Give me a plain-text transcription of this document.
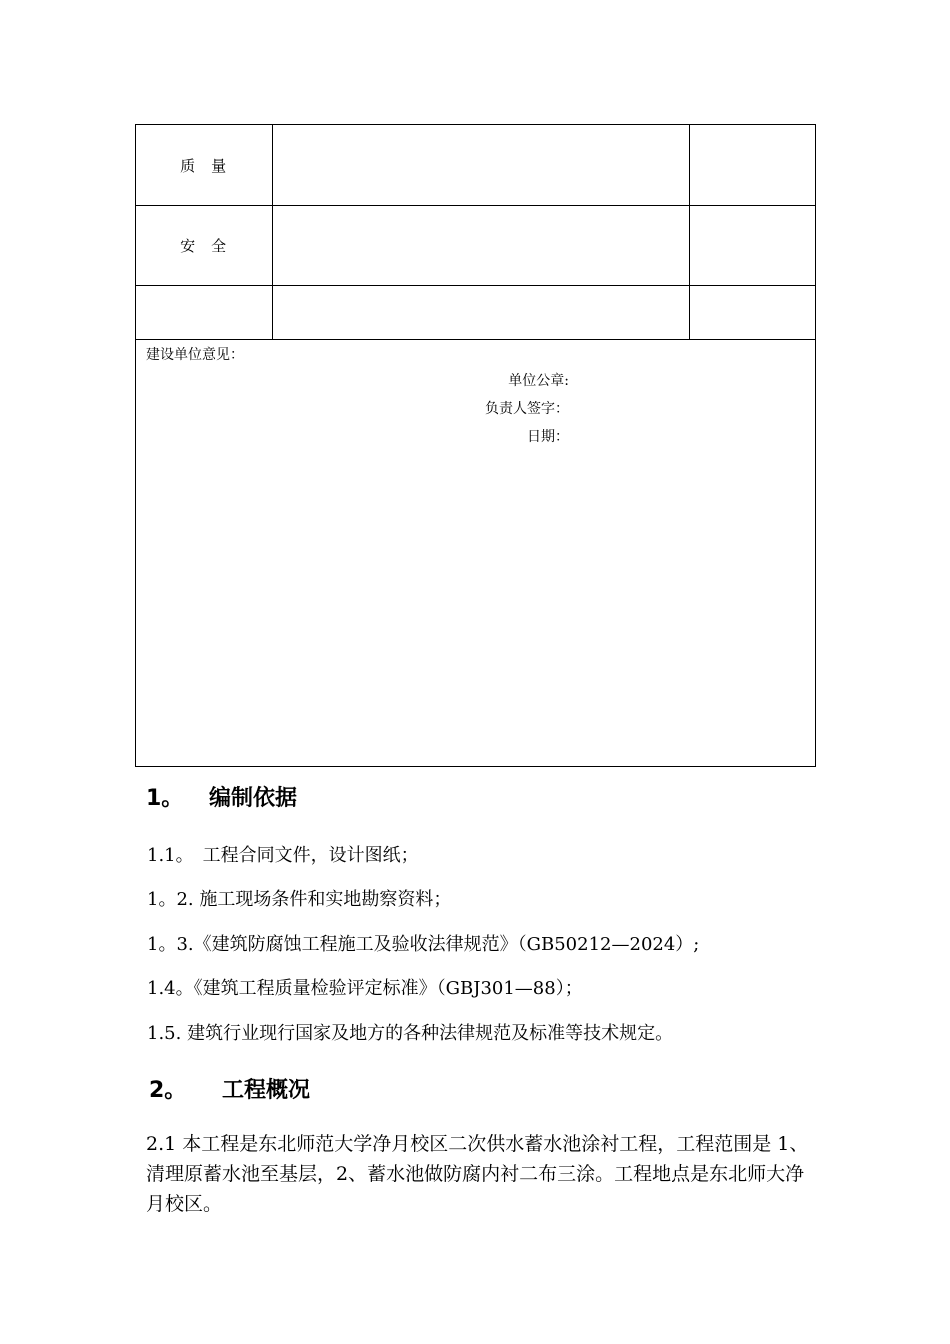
质 量		
安 全		

建设单位意见：
单位公章:
负责人签字：
日期：		
1。 编制依据
1.1。　工程合同文件，设计图纸；
1。2. 施工现场条件和实地勘察资料；
1。3.《建筑防腐蚀工程施工及验收法律规范》（GB50212—2024）;
1.4。《建筑工程质量检验评定标准》（GBJ301—88）；
1.5. 建筑行业现行国家及地方的各种法律规范及标准等技术规定。
2。 工程概况
2.1 本工程是东北师范大学净月校区二次供水蓄水池涂衬工程，工程范围是 1、清理原蓄水池至基层，2、蓄水池做防腐内衬二布三涂。工程地点是东北师大净月校区。
